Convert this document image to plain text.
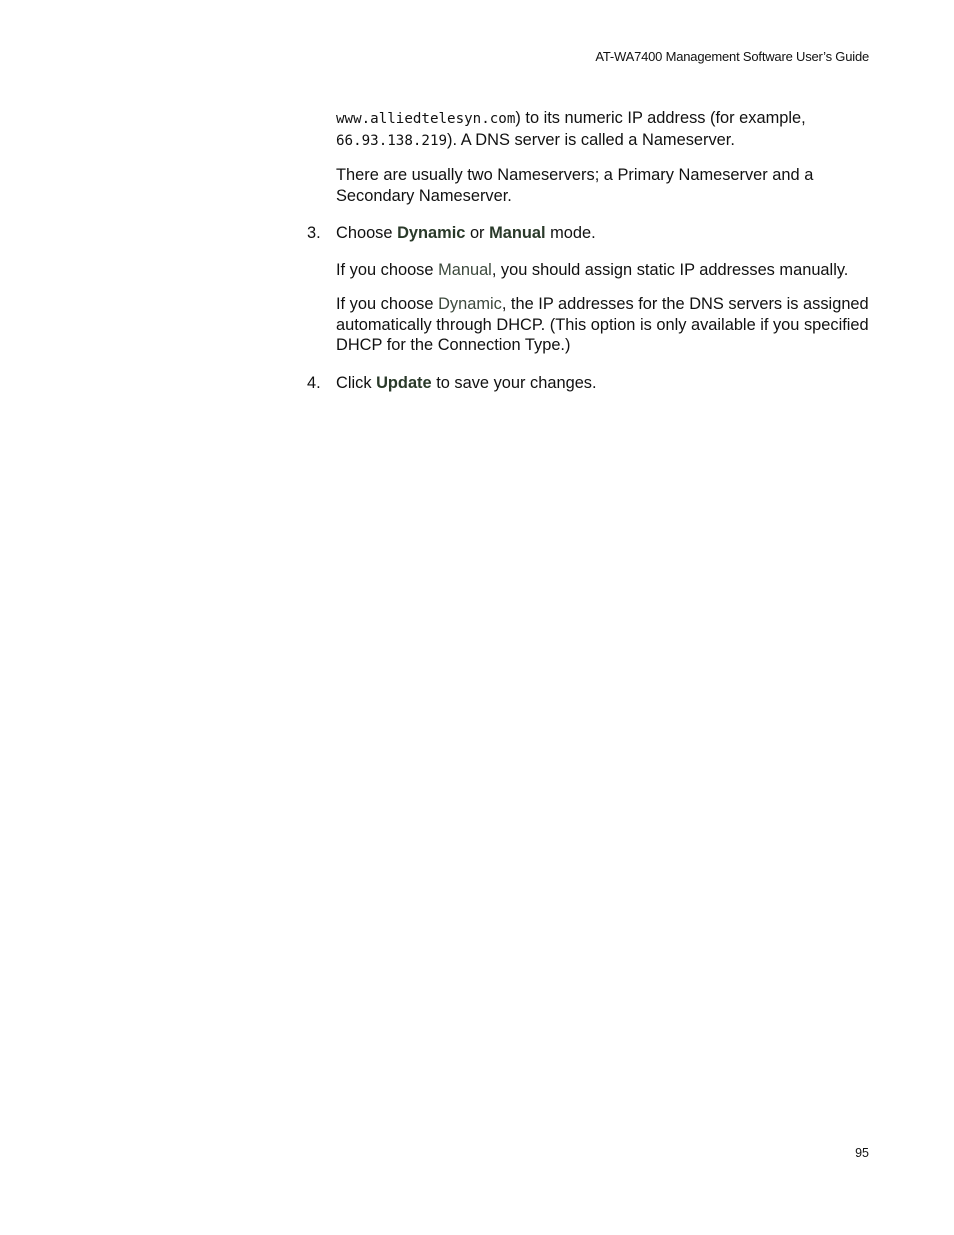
AT-WA7400 Management Software User’s Guide

www.alliedtelesyn.com) to its numeric IP address (for example, 66.93.138.219). A DNS server is called a Nameserver.

There are usually two Nameservers; a Primary Nameserver and a Secondary Nameserver.

3. Choose Dynamic or Manual mode.

If you choose Manual, you should assign static IP addresses manually.

If you choose Dynamic, the IP addresses for the DNS servers is assigned automatically through DHCP. (This option is only available if you specified DHCP for the Connection Type.)

4. Click Update to save your changes.
95
